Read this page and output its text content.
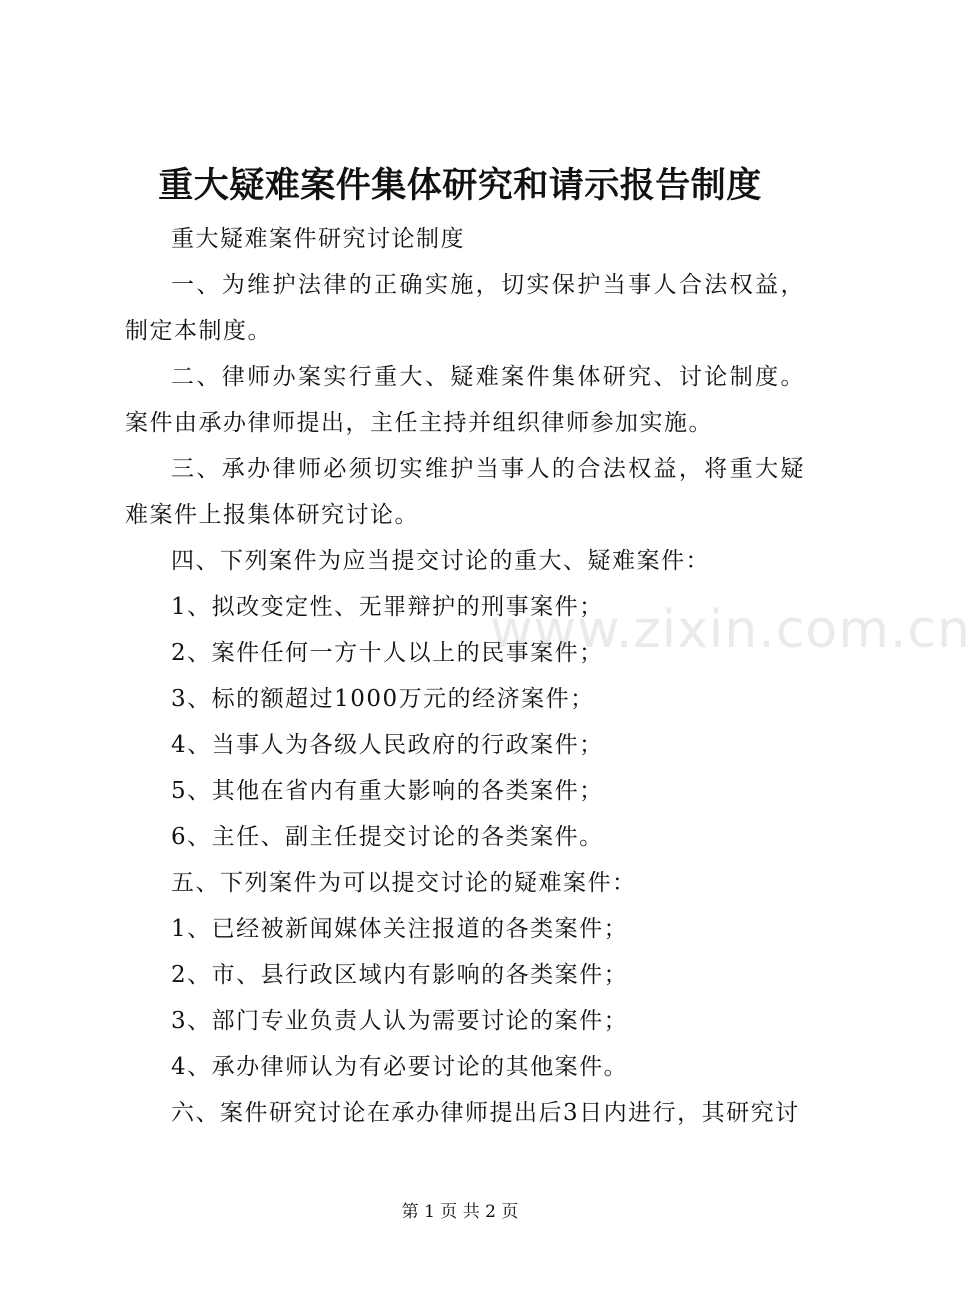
重大疑难案件集体研究和请示报告制度

重大疑难案件研究讨论制度

一、为维护法律的正确实施，切实保护当事人合法权益，制定本制度。

二、律师办案实行重大、疑难案件集体研究、讨论制度。案件由承办律师提出，主任主持并组织律师参加实施。

三、承办律师必须切实维护当事人的合法权益，将重大疑难案件上报集体研究讨论。

四、下列案件为应当提交讨论的重大、疑难案件：

1、拟改变定性、无罪辩护的刑事案件；

2、案件任何一方十人以上的民事案件；

3、标的额超过1000万元的经济案件；

4、当事人为各级人民政府的行政案件；

5、其他在省内有重大影响的各类案件；

6、主任、副主任提交讨论的各类案件。

五、下列案件为可以提交讨论的疑难案件：

1、已经被新闻媒体关注报道的各类案件；

2、市、县行政区域内有影响的各类案件；

3、部门专业负责人认为需要讨论的案件；

4、承办律师认为有必要讨论的其他案件。

六、案件研究讨论在承办律师提出后3日内进行，其研究讨

www.zixin.com.cn
第 1 页 共 2 页
